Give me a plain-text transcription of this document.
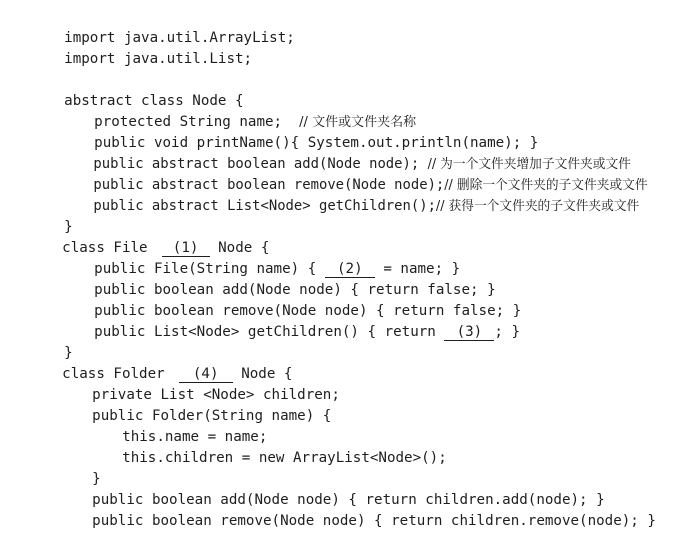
import java.util.ArrayList;

import java.util.List;

abstract class Node {

protected String name;  // 文件或文件夹名称

public void printName(){ System.out.println(name); }

public abstract boolean add(Node node); // 为一个文件夹增加子文件夹或文件

public abstract boolean remove(Node node);// 删除一个文件夹的子文件夹或文件

public abstract List<Node> getChildren();// 获得一个文件夹的子文件夹或文件

}

class File (1) Node {

public File(String name) { (2) = name; }

public boolean add(Node node) { return false; }

public boolean remove(Node node) { return false; }

public List<Node> getChildren() { return (3) ; }

}

class Folder (4) Node {

private List <Node> children;

public Folder(String name) {

this.name = name;

this.children = new ArrayList<Node>();

}

public boolean add(Node node) { return children.add(node); }

public boolean remove(Node node) { return children.remove(node); }
